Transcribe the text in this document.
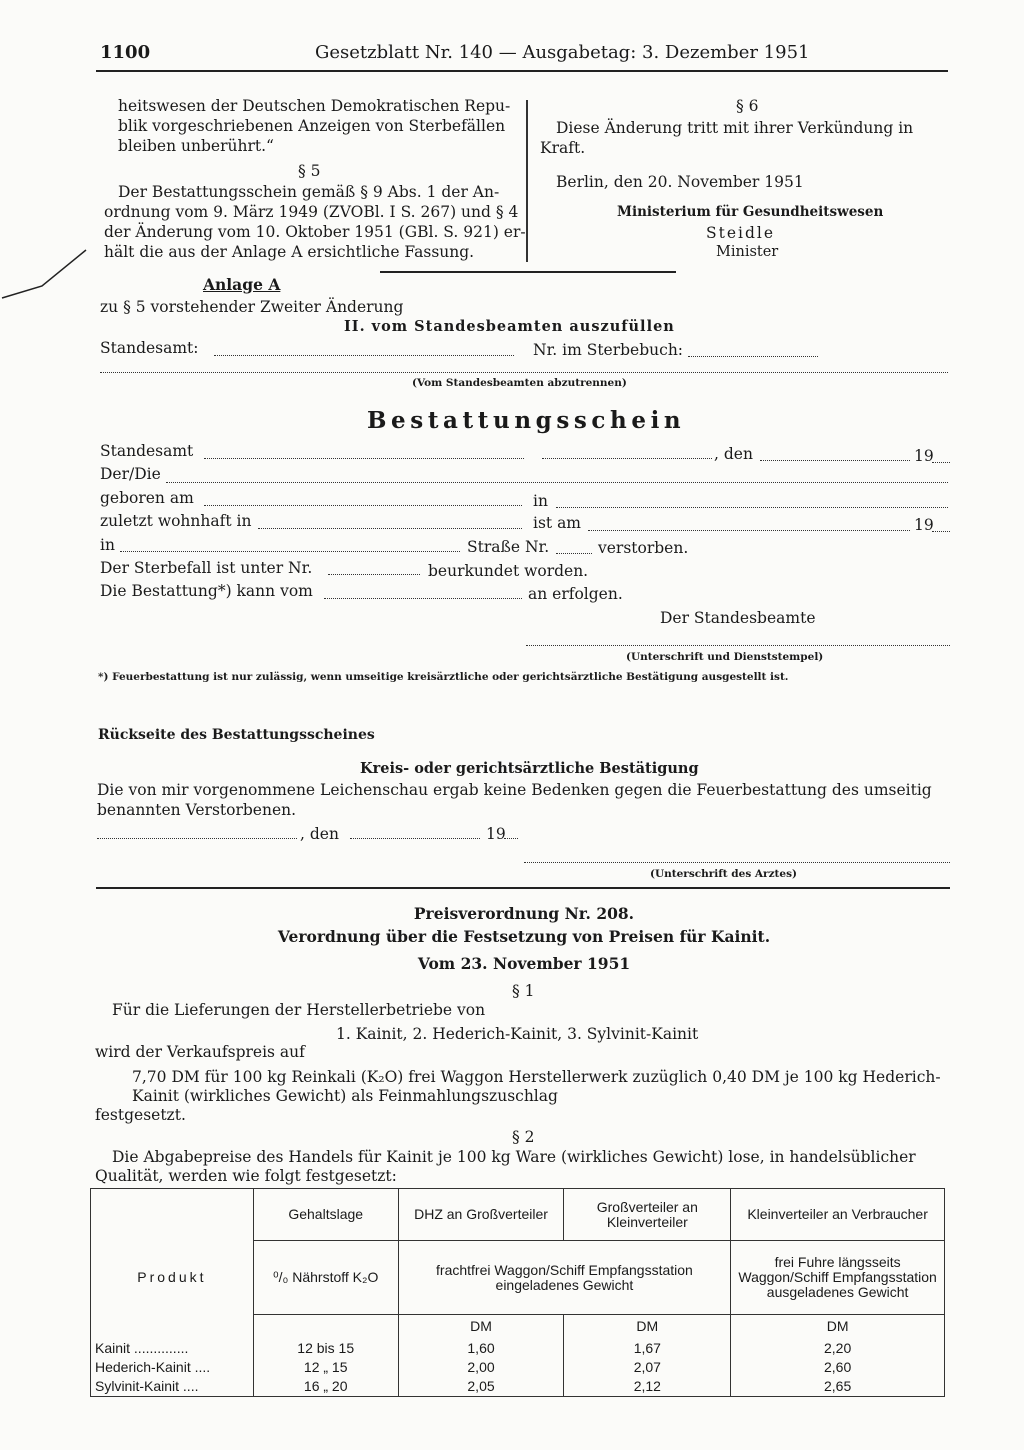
1100	Gesetzblatt Nr. 140 — Ausgabetag: 3. Dezember 1951
heitswesen der Deutschen Demokratischen Repu-
blik vorgeschriebenen Anzeigen von Sterbefällen
bleiben unberührt.“
§ 5
Der Bestattungsschein gemäß § 9 Abs. 1 der An-
ordnung vom 9. März 1949 (ZVOBl. I S. 267) und § 4
der Änderung vom 10. Oktober 1951 (GBl. S. 921) er-
hält die aus der Anlage A ersichtliche Fassung.
§ 6
Diese Änderung tritt mit ihrer Verkündung in
Kraft.
Berlin, den 20. November 1951
Ministerium für Gesundheitswesen
Steidle
Minister
Anlage A
zu § 5 vorstehender Zweiter Änderung
II. vom Standesbeamten auszufüllen
Standesamt:	Nr. im Sterbebuch:
(Vom Standesbeamten abzutrennen)
Bestattungsschein
Standesamt	, den	19
Der/Die
geboren am	in
zuletzt wohnhaft in	ist am	19
in	Straße Nr.	verstorben.
Der Sterbefall ist unter Nr.	beurkundet worden.
Die Bestattung*) kann vom	an erfolgen.
Der Standesbeamte
(Unterschrift und Dienststempel)
*) Feuerbestattung ist nur zulässig, wenn umseitige kreisärztliche oder gerichtsärztliche Bestätigung ausgestellt ist.
Rückseite des Bestattungsscheines
Kreis- oder gerichtsärztliche Bestätigung
Die von mir vorgenommene Leichenschau ergab keine Bedenken gegen die Feuerbestattung des umseitig
benannten Verstorbenen.
, den	19
(Unterschrift des Arztes)
Preisverordnung Nr. 208.
Verordnung über die Festsetzung von Preisen für Kainit.
Vom 23. November 1951
§ 1
Für die Lieferungen der Herstellerbetriebe von
1. Kainit, 2. Hederich-Kainit, 3. Sylvinit-Kainit
wird der Verkaufspreis auf
7,70 DM für 100 kg Reinkali (K₂O) frei Waggon Herstellerwerk zuzüglich 0,40 DM je 100 kg Hederich-
Kainit (wirkliches Gewicht) als Feinmahlungszuschlag
festgesetzt.
§ 2
Die Abgabepreise des Handels für Kainit je 100 kg Ware (wirkliches Gewicht) lose, in handelsüblicher
Qualität, werden wie folgt festgesetzt:
	Gehaltslage	DHZ an Großverteiler	Großverteiler an Kleinverteiler	Kleinverteiler an Verbraucher
Produkt	⁰/₀ Nährstoff K₂O	frachtfrei Waggon/Schiff Empfangsstation eingeladenes Gewicht		frei Fuhre längsseits Waggon/Schiff Empfangsstation ausgeladenes Gewicht
		DM	DM	DM
Kainit ..............	12 bis 15	1,60	1,67	2,20
Hederich-Kainit ....	12 „ 15	2,00	2,07	2,60
Sylvinit-Kainit ....	16 „ 20	2,05	2,12	2,65
